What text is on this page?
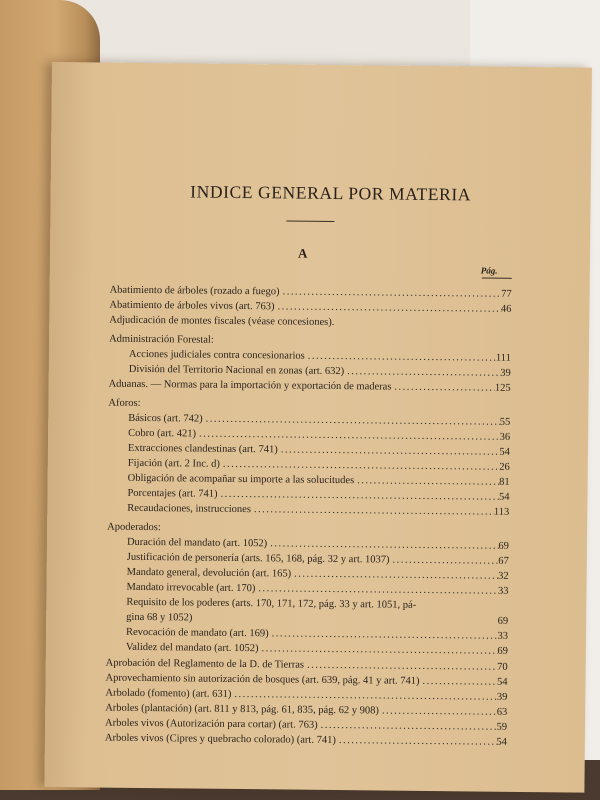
INDICE GENERAL POR MATERIA
A
Pág.
Abatimiento de árboles (rozado a fuego) .....	77
Abatimiento de árboles vivos (art. 763) .....	46
Adjudicación de montes fiscales (véase concesiones).
Administración Forestal:
Acciones judiciales contra concesionarios .....	111
División del Territorio Nacional en zonas (art. 632) .....	39
Aduanas. — Normas para la importación y exportación de maderas .....	125
Aforos:
Básicos (art. 742) .....	55
Cobro (art. 421) .....	36
Extracciones clandestinas (art. 741) .....	54
Fijación (art. 2 Inc. d) .....	26
Obligación de acompañar su importe a las solucitudes .....	81
Porcentajes (art. 741) .....	54
Recaudaciones, instrucciones .....	113
Apoderados:
Duración del mandato (art. 1052) .....	69
Justificación de personería (arts. 165, 168, pág. 32 y art. 1037) .....	67
Mandato general, devolución (art. 165) .....	32
Mandato irrevocable (art. 170) .....	33
Requisito de los poderes (arts. 170, 171, 172, pág. 33 y art. 1051, pá-
gina 68 y 1052)	69
Revocación de mandato (art. 169) .....	33
Validez del mandato (art. 1052) .....	69
Aprobación del Reglamento de la D. de Tierras .....	70
Aprovechamiento sin autorización de bosques (art. 639, pág. 41 y art. 741) .....	54
Arbolado (fomento) (art. 631) .....	39
Arboles (plantación) (art. 811 y 813, pág. 61, 835, pág. 62 y 908) .....	63
Arboles vivos (Autorización para cortar) (art. 763) .....	59
Arboles vivos (Cipres y quebracho colorado) (art. 741) .....	54
